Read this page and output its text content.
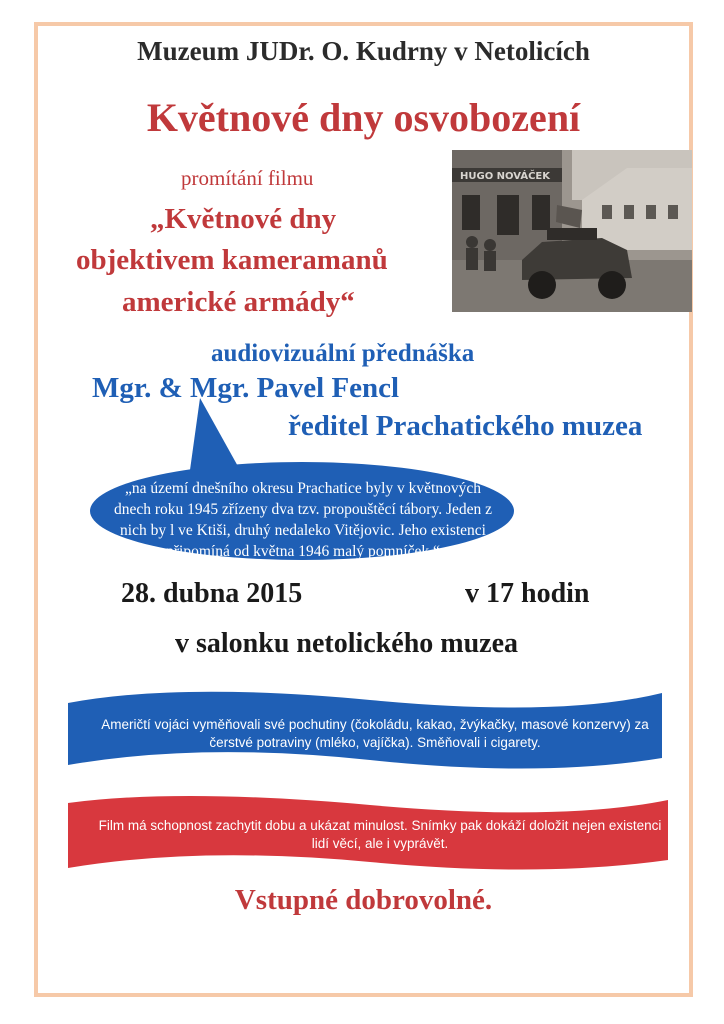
Muzeum JUDr. O. Kudrny v Netolicích
Květnové dny osvobození
promítání filmu
„Květnové dny
objektivem kameramanů
americké armády“
HUGO NOVÁČEK
audiovizuální přednáška
Mgr. & Mgr. Pavel Fencl
ředitel Prachatického muzea
„na území dnešního okresu Prachatice byly v květnových dnech roku 1945 zřízeny dva tzv. propouštěcí tábory. Jeden z nich by l ve Ktiši, druhý nedaleko Vitějovic. Jeho existenci připomíná od května 1946 malý pomníček.“
28. dubna 2015	v 17 hodin
v salonku netolického muzea
Američtí vojáci vyměňovali své pochutiny (čokoládu, kakao, žvýkačky, masové konzervy) za čerstvé potraviny (mléko, vajíčka). Směňovali i cigarety.
Film má schopnost zachytit dobu a ukázat minulost. Snímky pak dokáží doložit nejen existenci lidí věcí, ale i vyprávět.
Vstupné dobrovolné.
